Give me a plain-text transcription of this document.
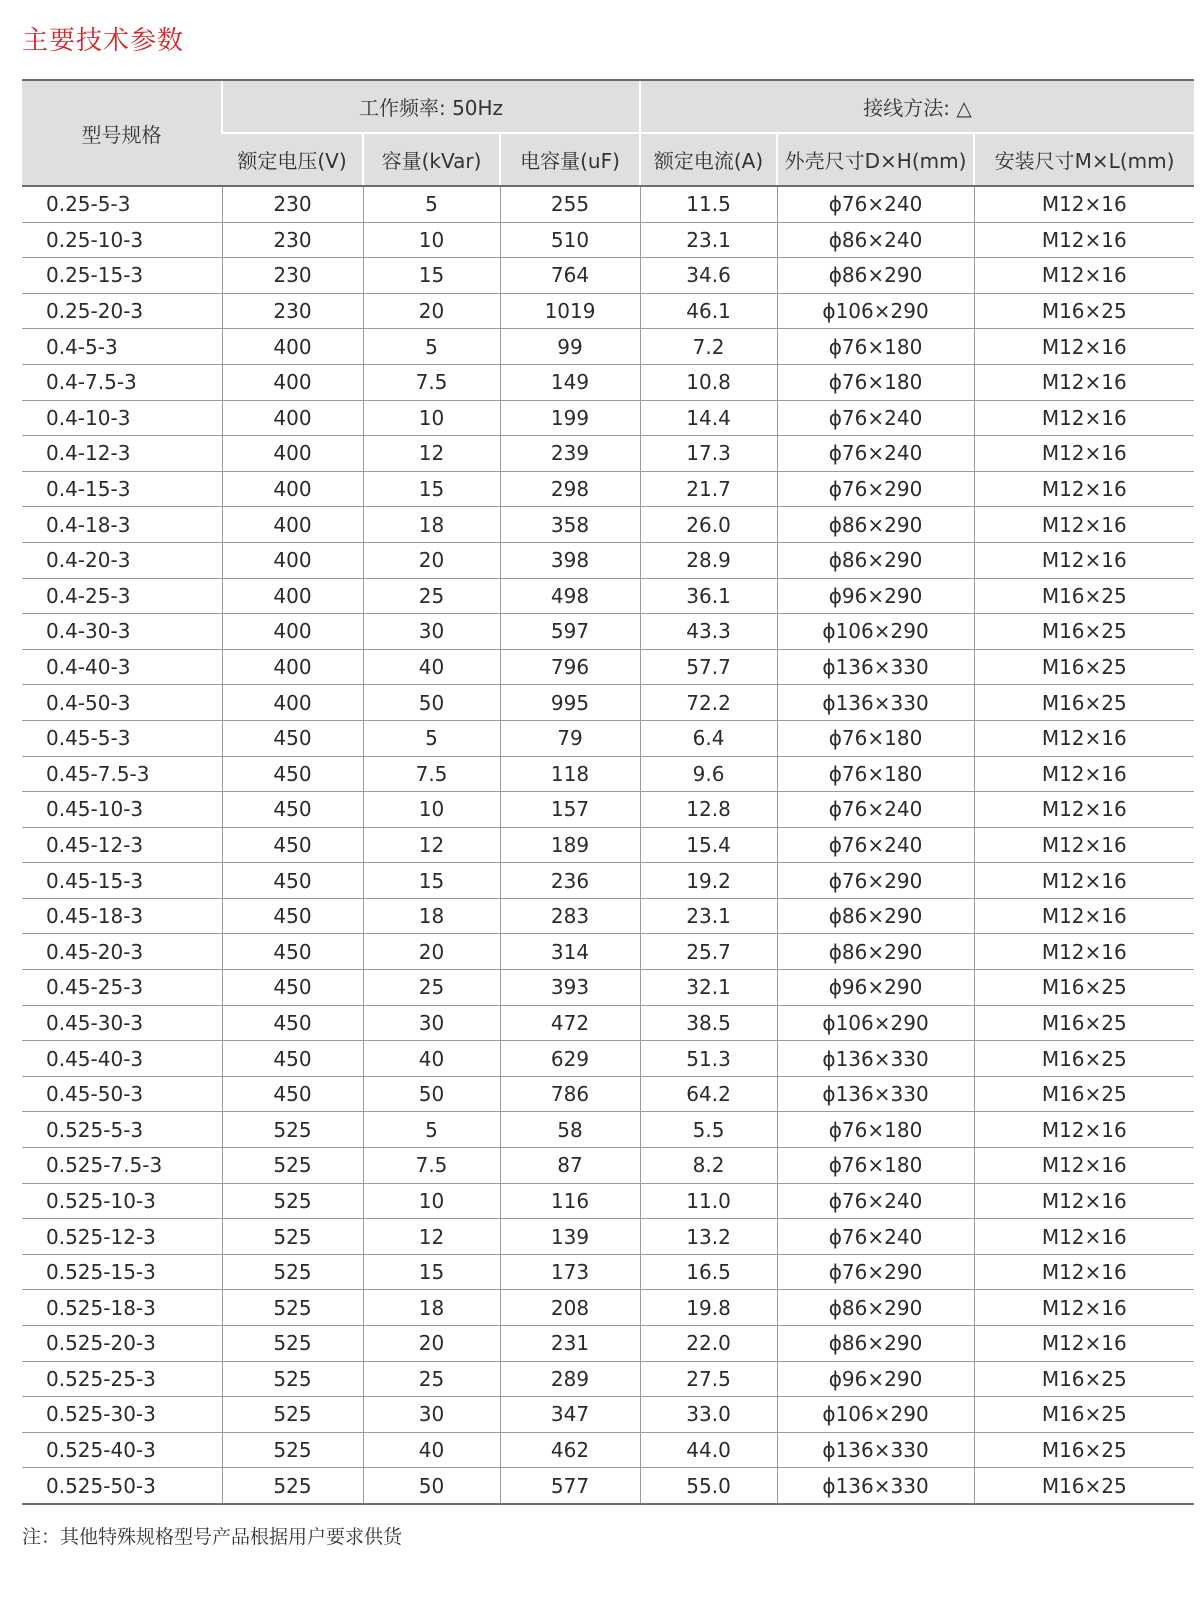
主要技术参数
型号规格	工作频率: 50Hz			接线方法: △		
	额定电压(V)	容量(kVar)	电容量(uF)	额定电流(A)	外壳尺寸D×H(mm)	安装尺寸M×L(mm)
0.25-5-3	230	5	255	11.5	ϕ76×240	M12×16
0.25-10-3	230	10	510	23.1	ϕ86×240	M12×16
0.25-15-3	230	15	764	34.6	ϕ86×290	M12×16
0.25-20-3	230	20	1019	46.1	ϕ106×290	M16×25
0.4-5-3	400	5	99	7.2	ϕ76×180	M12×16
0.4-7.5-3	400	7.5	149	10.8	ϕ76×180	M12×16
0.4-10-3	400	10	199	14.4	ϕ76×240	M12×16
0.4-12-3	400	12	239	17.3	ϕ76×240	M12×16
0.4-15-3	400	15	298	21.7	ϕ76×290	M12×16
0.4-18-3	400	18	358	26.0	ϕ86×290	M12×16
0.4-20-3	400	20	398	28.9	ϕ86×290	M12×16
0.4-25-3	400	25	498	36.1	ϕ96×290	M16×25
0.4-30-3	400	30	597	43.3	ϕ106×290	M16×25
0.4-40-3	400	40	796	57.7	ϕ136×330	M16×25
0.4-50-3	400	50	995	72.2	ϕ136×330	M16×25
0.45-5-3	450	5	79	6.4	ϕ76×180	M12×16
0.45-7.5-3	450	7.5	118	9.6	ϕ76×180	M12×16
0.45-10-3	450	10	157	12.8	ϕ76×240	M12×16
0.45-12-3	450	12	189	15.4	ϕ76×240	M12×16
0.45-15-3	450	15	236	19.2	ϕ76×290	M12×16
0.45-18-3	450	18	283	23.1	ϕ86×290	M12×16
0.45-20-3	450	20	314	25.7	ϕ86×290	M12×16
0.45-25-3	450	25	393	32.1	ϕ96×290	M16×25
0.45-30-3	450	30	472	38.5	ϕ106×290	M16×25
0.45-40-3	450	40	629	51.3	ϕ136×330	M16×25
0.45-50-3	450	50	786	64.2	ϕ136×330	M16×25
0.525-5-3	525	5	58	5.5	ϕ76×180	M12×16
0.525-7.5-3	525	7.5	87	8.2	ϕ76×180	M12×16
0.525-10-3	525	10	116	11.0	ϕ76×240	M12×16
0.525-12-3	525	12	139	13.2	ϕ76×240	M12×16
0.525-15-3	525	15	173	16.5	ϕ76×290	M12×16
0.525-18-3	525	18	208	19.8	ϕ86×290	M12×16
0.525-20-3	525	20	231	22.0	ϕ86×290	M12×16
0.525-25-3	525	25	289	27.5	ϕ96×290	M16×25
0.525-30-3	525	30	347	33.0	ϕ106×290	M16×25
0.525-40-3	525	40	462	44.0	ϕ136×330	M16×25
0.525-50-3	525	50	577	55.0	ϕ136×330	M16×25
注：其他特殊规格型号产品根据用户要求供货
